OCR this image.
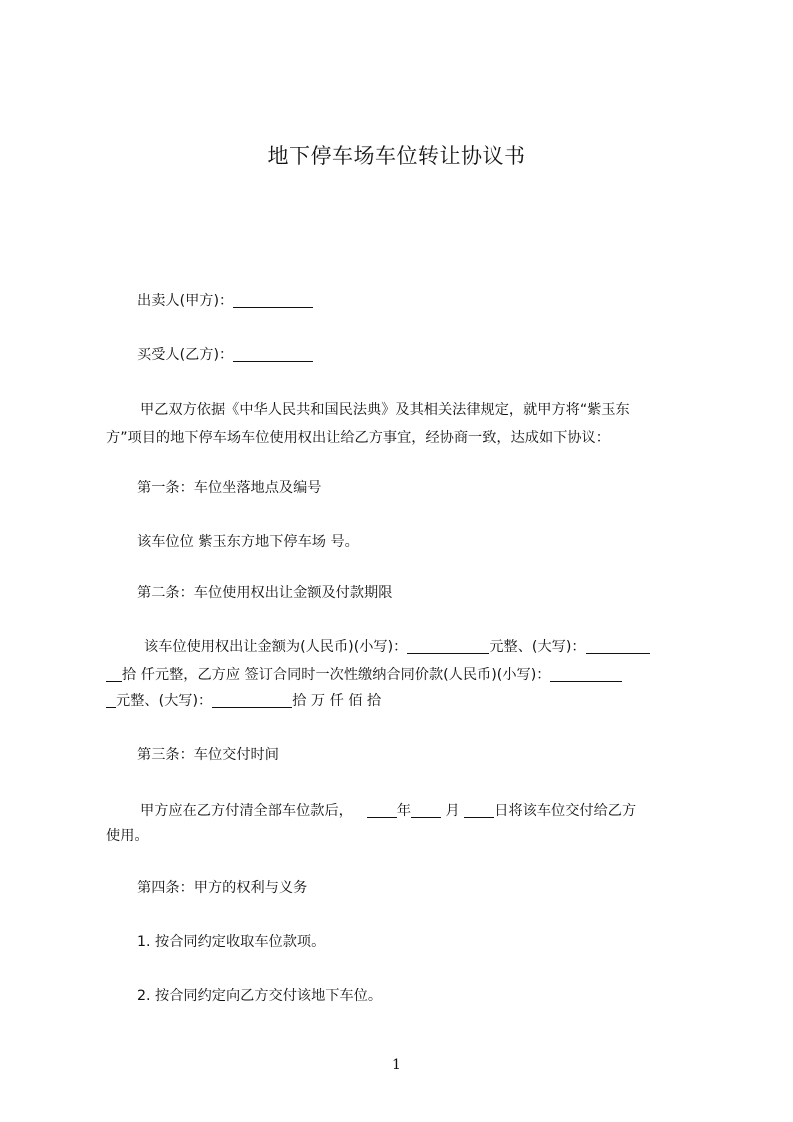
地下停车场车位转让协议书
出卖人(甲方)：
买受人(乙方)：
甲乙双方依据《中华人民共和国民法典》及其相关法律规定，就甲方将“紫玉东
方”项目的地下停车场车位使用权出让给乙方事宜，经协商一致，达成如下协议：
第一条：车位坐落地点及编号
该车位位 紫玉东方地下停车场 号。
第二条：车位使用权出让金额及付款期限
该车位使用权出让金额为(人民币)(小写)：	元整、(大写)：
拾 仟元整，乙方应 签订合同时一次性缴纳合同价款(人民币)(小写)：
元整、(大写)：	拾 万 仟 佰 拾
第三条：车位交付时间
甲方应在乙方付清全部车位款后，	年 月 日将该车位交付给乙方
使用。
第四条：甲方的权利与义务
1. 按合同约定收取车位款项。
2. 按合同约定向乙方交付该地下车位。
1
